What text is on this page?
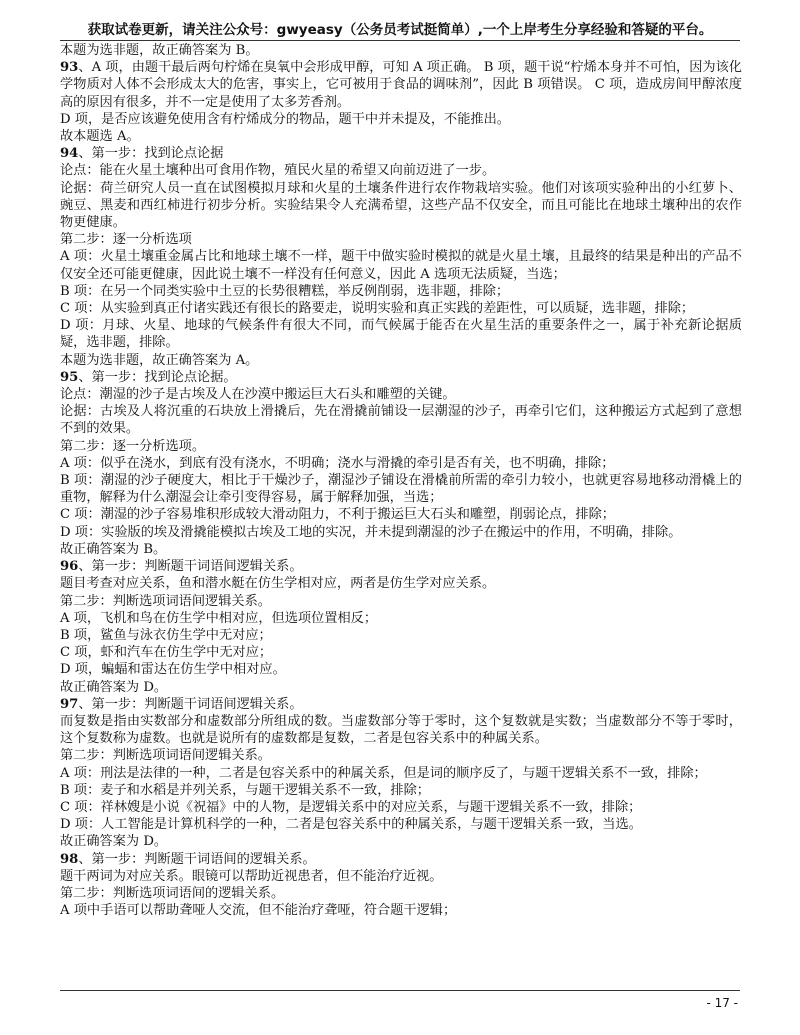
获取试卷更新，请关注公众号：gwyeasy（公务员考试挺简单）,一个上岸考生分享经验和答疑的平台。

本题为选非题，故正确答案为 B。

93、A 项，由题干最后两句柠烯在臭氧中会形成甲醇，可知 A 项正确。 B 项，题干说“柠烯本身并不可怕，因为该化学物质对人体不会形成太大的危害，事实上，它可被用于食品的调味剂”，因此 B 项错误。 C 项，造成房间甲醇浓度高的原因有很多，并不一定是使用了太多芳香剂。

D 项，是否应该避免使用含有柠烯成分的物品，题干中并未提及，不能推出。

故本题选 A。

94、第一步：找到论点论据

论点：能在火星土壤种出可食用作物，殖民火星的希望又向前迈进了一步。

论据：荷兰研究人员一直在试图模拟月球和火星的土壤条件进行农作物栽培实验。他们对该项实验种出的小红萝卜、豌豆、黑麦和西红柿进行初步分析。实验结果令人充满希望，这些产品不仅安全，而且可能比在地球土壤种出的农作物更健康。

第二步：逐一分析选项

A 项：火星土壤重金属占比和地球土壤不一样，题干中做实验时模拟的就是火星土壤，且最终的结果是种出的产品不仅安全还可能更健康，因此说土壤不一样没有任何意义，因此 A 选项无法质疑，当选；

B 项：在另一个同类实验中土豆的长势很糟糕，举反例削弱，选非题，排除；

C 项：从实验到真正付诸实践还有很长的路要走，说明实验和真正实践的差距性，可以质疑，选非题，排除；

D 项：月球、火星、地球的气候条件有很大不同，而气候属于能否在火星生活的重要条件之一，属于补充新论据质疑，选非题，排除。

本题为选非题，故正确答案为 A。

95、第一步：找到论点论据。

论点：潮湿的沙子是古埃及人在沙漠中搬运巨大石头和雕塑的关键。

论据：古埃及人将沉重的石块放上滑撬后，先在滑撬前铺设一层潮湿的沙子，再牵引它们，这种搬运方式起到了意想不到的效果。

第二步：逐一分析选项。

A 项：似乎在浇水，到底有没有浇水，不明确；浇水与滑撬的牵引是否有关，也不明确，排除；

B 项：潮湿的沙子硬度大，相比于干燥沙子，潮湿沙子铺设在滑橇前所需的牵引力较小，也就更容易地移动滑橇上的重物，解释为什么潮湿会让牵引变得容易，属于解释加强，当选；

C 项：潮湿的沙子容易堆积形成较大滑动阻力，不利于搬运巨大石头和雕塑，削弱论点，排除；

D 项：实验版的埃及滑撬能模拟古埃及工地的实况，并未提到潮湿的沙子在搬运中的作用，不明确，排除。

故正确答案为 B。

96、第一步：判断题干词语间逻辑关系。

题目考查对应关系，鱼和潜水艇在仿生学相对应，两者是仿生学对应关系。

第二步：判断选项词语间逻辑关系。

A 项，飞机和鸟在仿生学中相对应，但选项位置相反；

B 项，鲨鱼与泳衣仿生学中无对应；

C 项，虾和汽车在仿生学中无对应；

D 项，蝙蝠和雷达在仿生学中相对应。

故正确答案为 D。

97、第一步：判断题干词语间逻辑关系。

而复数是指由实数部分和虚数部分所组成的数。当虚数部分等于零时，这个复数就是实数；当虚数部分不等于零时，这个复数称为虚数。也就是说所有的虚数都是复数，二者是包容关系中的种属关系。

第二步：判断选项词语间逻辑关系。

A 项：刑法是法律的一种，二者是包容关系中的种属关系，但是词的顺序反了，与题干逻辑关系不一致，排除；

B 项：麦子和水稻是并列关系，与题干逻辑关系不一致，排除；

C 项：祥林嫂是小说《祝福》中的人物，是逻辑关系中的对应关系，与题干逻辑关系不一致，排除；

D 项：人工智能是计算机科学的一种，二者是包容关系中的种属关系，与题干逻辑关系一致，当选。

故正确答案为 D。

98、第一步：判断题干词语间的逻辑关系。

题干两词为对应关系。眼镜可以帮助近视患者，但不能治疗近视。

第二步：判断选项词语间的逻辑关系。

A 项中手语可以帮助聋哑人交流，但不能治疗聋哑，符合题干逻辑；

- 17 -
